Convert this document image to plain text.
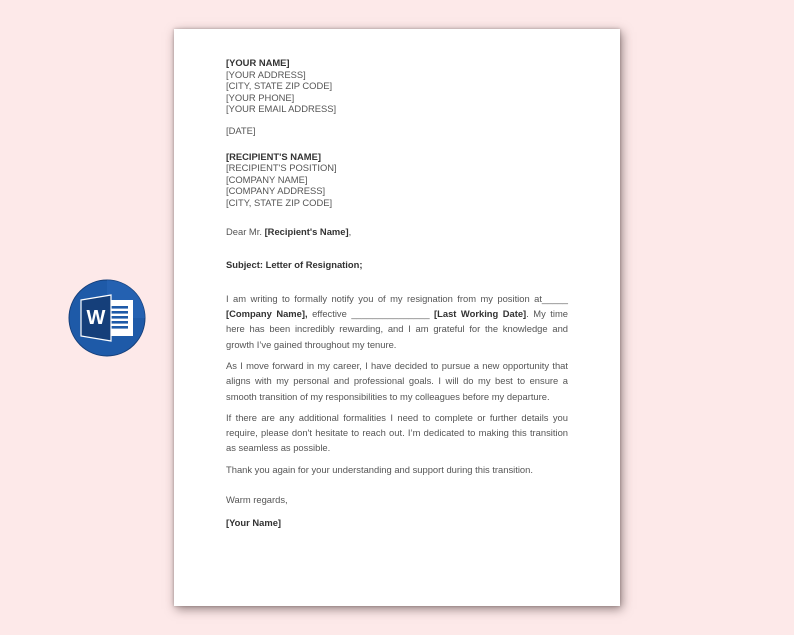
W
[YOUR NAME]
[YOUR ADDRESS]
[CITY, STATE ZIP CODE]
[YOUR PHONE]
[YOUR EMAIL ADDRESS]
[DATE]
[RECIPIENT'S NAME]
[RECIPIENT'S POSITION]
[COMPANY NAME]
[COMPANY ADDRESS]
[CITY, STATE ZIP CODE]
Dear Mr. [Recipient's Name],
Subject: Letter of Resignation;

I am writing to formally notify you of my resignation from my position at_____ [Company Name], effective _______________ [Last Working Date]. My time here has been incredibly rewarding, and I am grateful for the knowledge and growth I’ve gained throughout my tenure.

As I move forward in my career, I have decided to pursue a new opportunity that aligns with my personal and professional goals. I will do my best to ensure a smooth transition of my responsibilities to my colleagues before my departure.

If there are any additional formalities I need to complete or further details you require, please don't hesitate to reach out. I’m dedicated to making this transition as seamless as possible.

Thank you again for your understanding and support during this transition.

Warm regards,
[Your Name]
